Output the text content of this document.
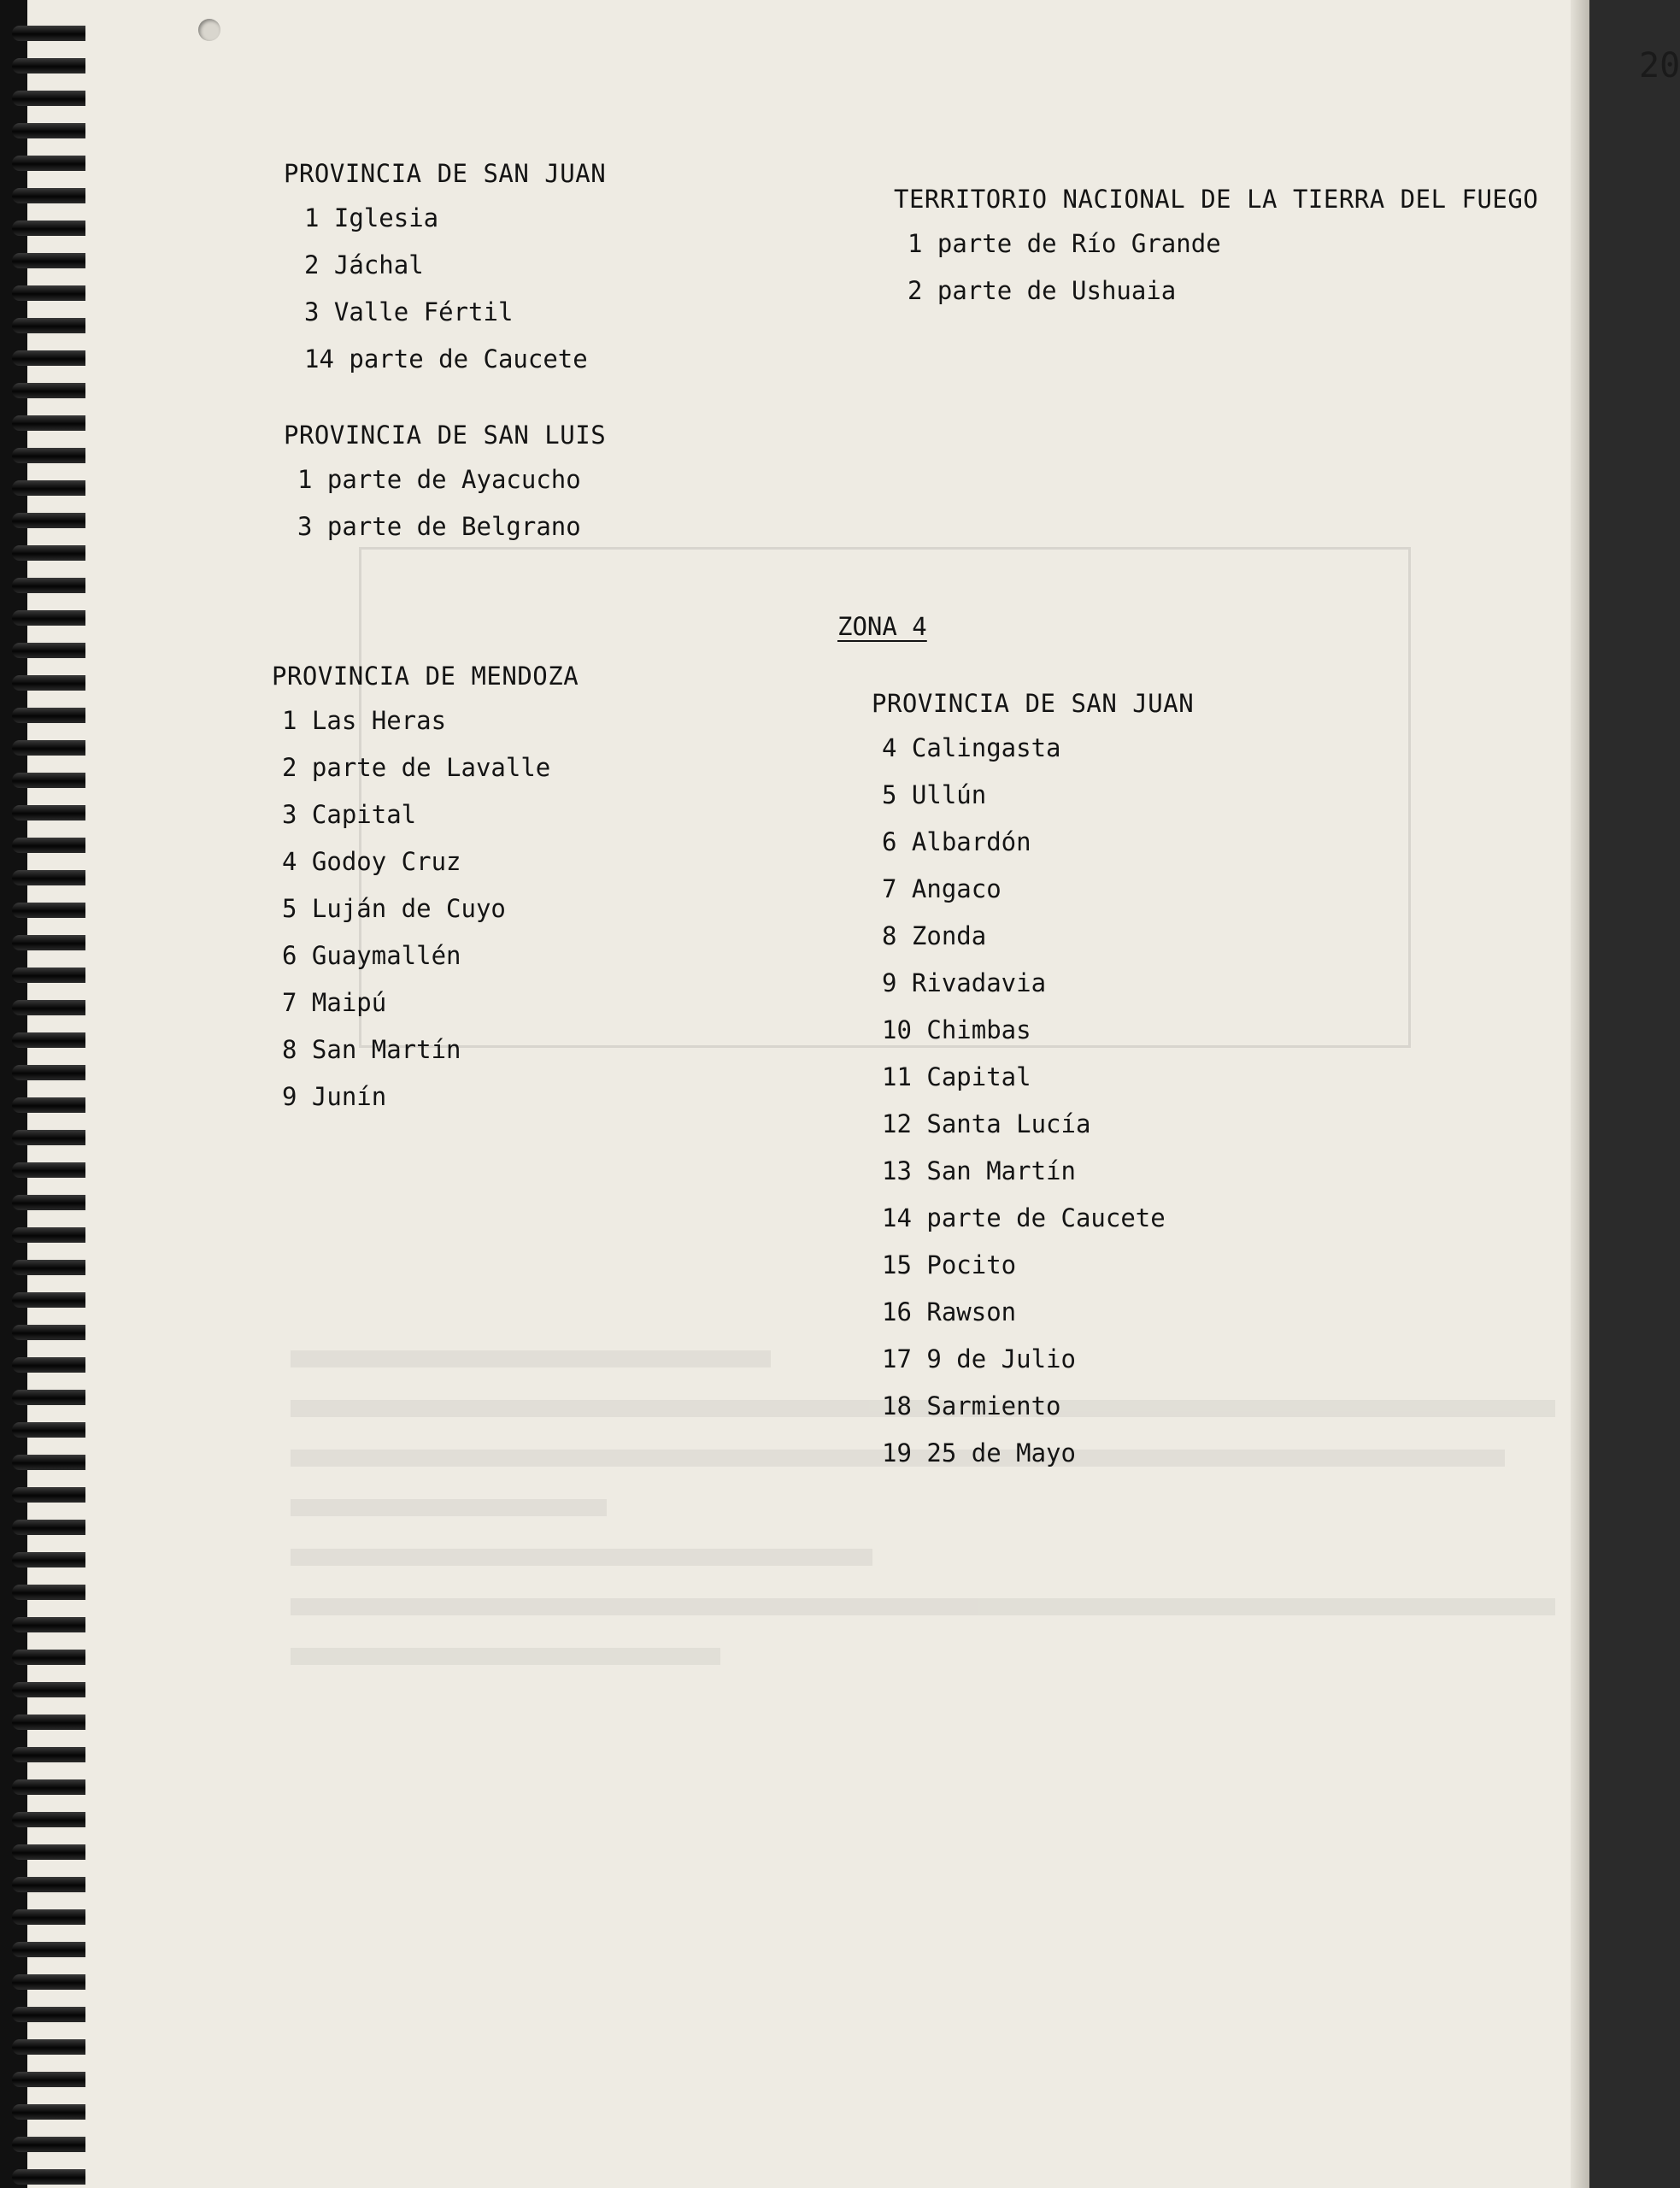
20
PROVINCIA DE SAN JUAN
1 Iglesia
2 Jáchal
3 Valle Fértil
14 parte de Caucete
TERRITORIO NACIONAL DE LA TIERRA DEL FUEGO
1 parte de Río Grande
2 parte de Ushuaia
PROVINCIA DE SAN LUIS
1 parte de Ayacucho
3 parte de Belgrano
ZONA 4
PROVINCIA DE MENDOZA
1 Las Heras
2 parte de Lavalle
3 Capital
4 Godoy Cruz
5 Luján de Cuyo
6 Guaymallén
7 Maipú
8 San Martín
9 Junín
PROVINCIA DE SAN JUAN
4 Calingasta
5 Ullún
6 Albardón
7 Angaco
8 Zonda
9 Rivadavia
10 Chimbas
11 Capital
12 Santa Lucía
13 San Martín
14 parte de Caucete
15 Pocito
16 Rawson
17 9 de Julio
18 Sarmiento
19 25 de Mayo
